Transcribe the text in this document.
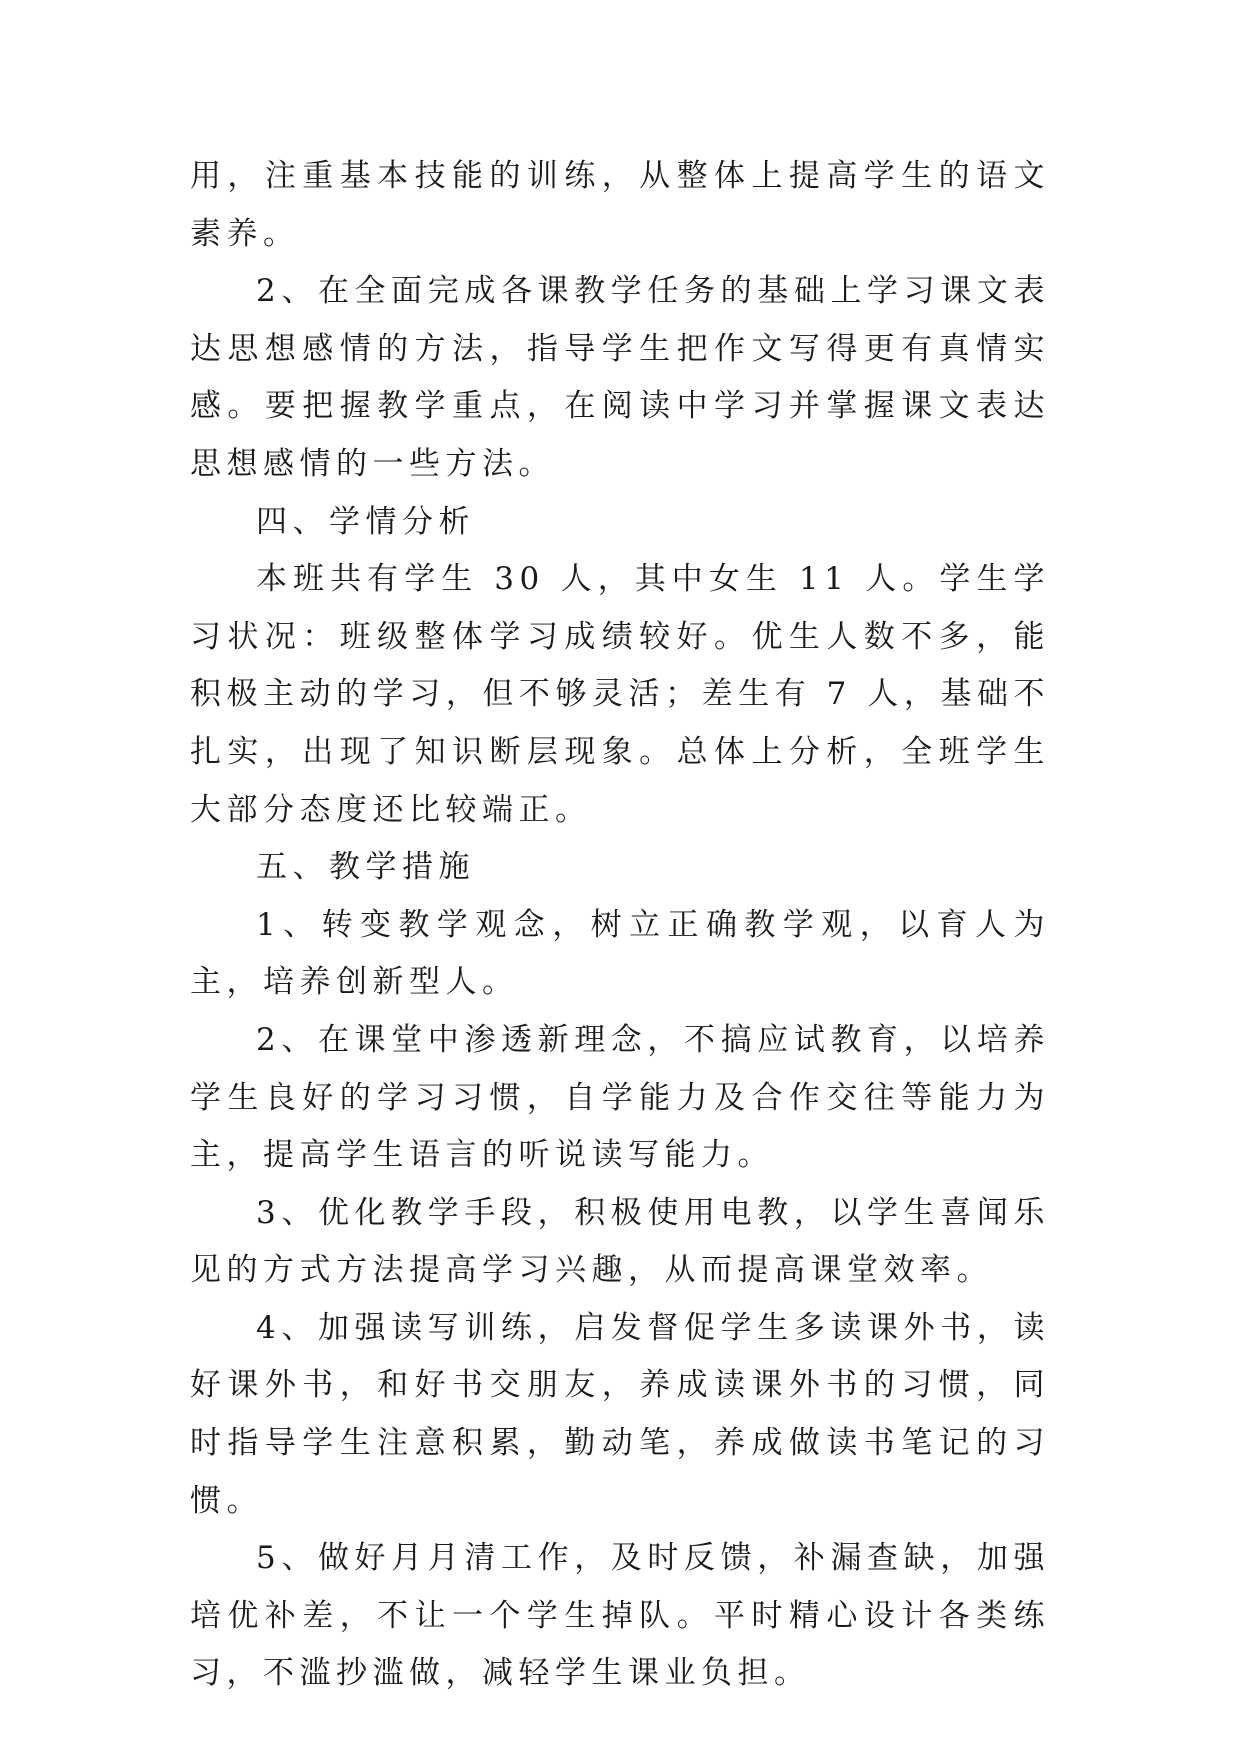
用，注重基本技能的训练，从整体上提高学生的语文素养。

2、在全面完成各课教学任务的基础上学习课文表达思想感情的方法，指导学生把作文写得更有真情实感。要把握教学重点，在阅读中学习并掌握课文表达思想感情的一些方法。

四、学情分析

本班共有学生 30 人，其中女生 11 人。学生学习状况：班级整体学习成绩较好。优生人数不多，能积极主动的学习，但不够灵活；差生有 7 人，基础不扎实，出现了知识断层现象。总体上分析，全班学生大部分态度还比较端正。

五、教学措施

1、转变教学观念，树立正确教学观，以育人为主，培养创新型人。

2、在课堂中渗透新理念，不搞应试教育，以培养学生良好的学习习惯，自学能力及合作交往等能力为主，提高学生语言的听说读写能力。

3、优化教学手段，积极使用电教，以学生喜闻乐见的方式方法提高学习兴趣，从而提高课堂效率。

4、加强读写训练，启发督促学生多读课外书，读好课外书，和好书交朋友，养成读课外书的习惯，同时指导学生注意积累，勤动笔，养成做读书笔记的习惯。

5、做好月月清工作，及时反馈，补漏查缺，加强培优补差，不让一个学生掉队。平时精心设计各类练习，不滥抄滥做，减轻学生课业负担。
